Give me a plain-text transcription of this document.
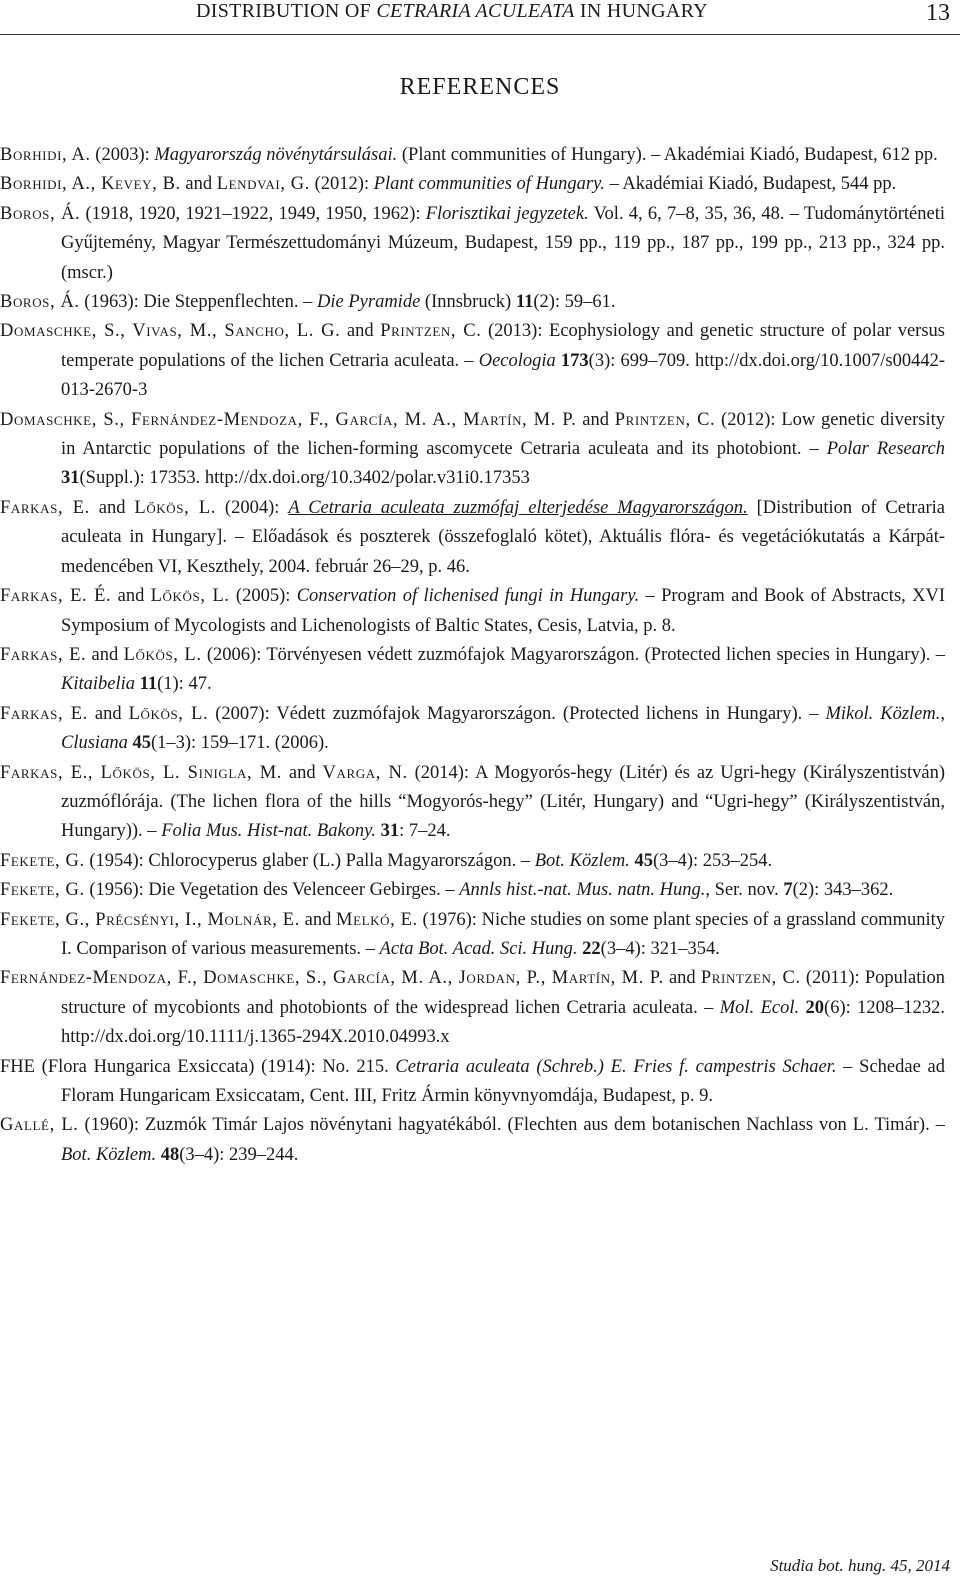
DISTRIBUTION OF CETRARIA ACULEATA IN HUNGARY	13
REFERENCES

Borhidi, A. (2003): Magyarország növénytársulásai. (Plant communities of Hungary). – Akadémiai Kiadó, Budapest, 612 pp.

Borhidi, A., Kevey, B. and Lendvai, G. (2012): Plant communities of Hungary. – Akadémiai Kiadó, Budapest, 544 pp.

Boros, Á. (1918, 1920, 1921–1922, 1949, 1950, 1962): Florisztikai jegyzetek. Vol. 4, 6, 7–8, 35, 36, 48. – Tudománytörténeti Gyűjtemény, Magyar Természettudományi Múzeum, Budapest, 159 pp., 119 pp., 187 pp., 199 pp., 213 pp., 324 pp. (mscr.)

Boros, Á. (1963): Die Steppenflechten. – Die Pyramide (Innsbruck) 11(2): 59–61.

Domaschke, S., Vivas, M., Sancho, L. G. and Printzen, C. (2013): Ecophysiology and genetic structure of polar versus temperate populations of the lichen Cetraria aculeata. – Oecologia 173(3): 699–709. http://dx.doi.org/10.1007/s00442-013-2670-3

Domaschke, S., Fernández-Mendoza, F., García, M. A., Martín, M. P. and Printzen, C. (2012): Low genetic diversity in Antarctic populations of the lichen-forming ascomycete Cetraria aculeata and its photobiont. – Polar Research 31(Suppl.): 17353. http://dx.doi.org/10.3402/polar.v31i0.17353

Farkas, E. and Lőkös, L. (2004): A Cetraria aculeata zuzmófaj elterjedése Magyarországon. [Distribution of Cetraria aculeata in Hungary]. – Előadások és poszterek (összefoglaló kötet), Aktuális flóra- és vegetációkutatás a Kárpát-medencében VI, Keszthely, 2004. február 26–29, p. 46.

Farkas, E. É. and Lőkös, L. (2005): Conservation of lichenised fungi in Hungary. – Program and Book of Abstracts, XVI Symposium of Mycologists and Lichenologists of Baltic States, Cesis, Latvia, p. 8.

Farkas, E. and Lőkös, L. (2006): Törvényesen védett zuzmófajok Magyarországon. (Protected lichen species in Hungary). – Kitaibelia 11(1): 47.

Farkas, E. and Lőkös, L. (2007): Védett zuzmófajok Magyarországon. (Protected lichens in Hungary). – Mikol. Közlem., Clusiana 45(1–3): 159–171. (2006).

Farkas, E., Lőkös, L. Sinigla, M. and Varga, N. (2014): A Mogyorós-hegy (Litér) és az Ugri-hegy (Királyszentistván) zuzmóflórája. (The lichen flora of the hills “Mogyorós-hegy” (Litér, Hungary) and “Ugri-hegy” (Királyszentistván, Hungary)). – Folia Mus. Hist-nat. Bakony. 31: 7–24.

Fekete, G. (1954): Chlorocyperus glaber (L.) Palla Magyarországon. – Bot. Közlem. 45(3–4): 253–254.

Fekete, G. (1956): Die Vegetation des Velenceer Gebirges. – Annls hist.-nat. Mus. natn. Hung., Ser. nov. 7(2): 343–362.

Fekete, G., Précsényi, I., Molnár, E. and Melkó, E. (1976): Niche studies on some plant species of a grassland community I. Comparison of various measurements. – Acta Bot. Acad. Sci. Hung. 22(3–4): 321–354.

Fernández-Mendoza, F., Domaschke, S., García, M. A., Jordan, P., Martín, M. P. and Printzen, C. (2011): Population structure of mycobionts and photobionts of the widespread lichen Cetraria aculeata. – Mol. Ecol. 20(6): 1208–1232. http://dx.doi.org/10.1111/j.1365-294X.2010.04993.x

FHE (Flora Hungarica Exsiccata) (1914): No. 215. Cetraria aculeata (Schreb.) E. Fries f. campestris Schaer. – Schedae ad Floram Hungaricam Exsiccatam, Cent. III, Fritz Ármin könyvnyomdája, Budapest, p. 9.

Gallé, L. (1960): Zuzmók Timár Lajos növénytani hagyatékából. (Flechten aus dem botanischen Nachlass von L. Timár). – Bot. Közlem. 48(3–4): 239–244.

Studia bot. hung. 45, 2014
